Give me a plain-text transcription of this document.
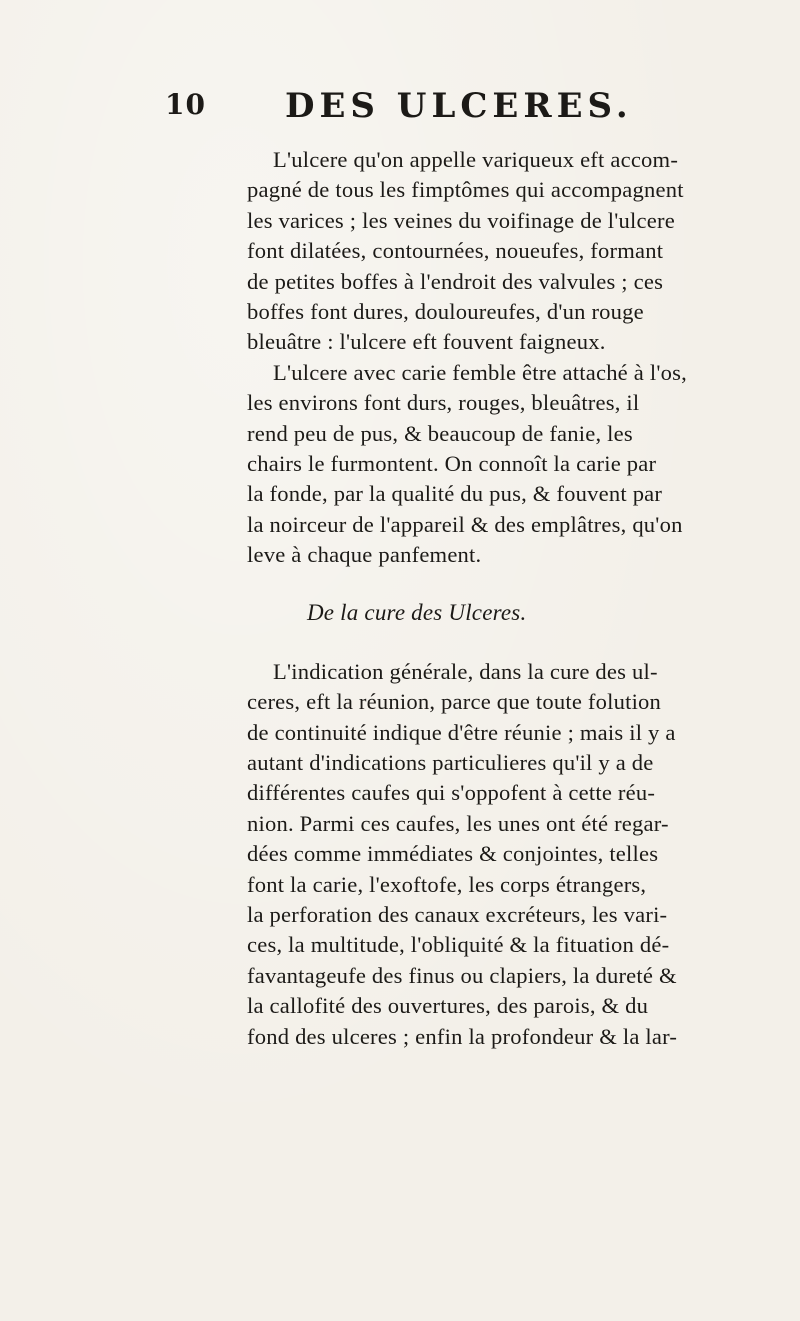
10 DES ULCERES.
L'ulcere qu'on appelle variqueux eft accom-
pagné de tous les fimptômes qui accompagnent
les varices ; les veines du voifinage de l'ulcere
font dilatées, contournées, noueufes, formant
de petites boffes à l'endroit des valvules ; ces
boffes font dures, douloureufes, d'un rouge
bleuâtre : l'ulcere eft fouvent faigneux.
L'ulcere avec carie femble être attaché à l'os,
les environs font durs, rouges, bleuâtres, il
rend peu de pus, & beaucoup de fanie, les
chairs le furmontent. On connoît la carie par
la fonde, par la qualité du pus, & fouvent par
la noirceur de l'appareil & des emplâtres, qu'on
leve à chaque panfement.
De la cure des Ulceres.
L'indication générale, dans la cure des ul-
ceres, eft la réunion, parce que toute folution
de continuité indique d'être réunie ; mais il y a
autant d'indications particulieres qu'il y a de
différentes caufes qui s'oppofent à cette réu-
nion. Parmi ces caufes, les unes ont été regar-
dées comme immédiates & conjointes, telles
font la carie, l'exoftofe, les corps étrangers,
la perforation des canaux excréteurs, les vari-
ces, la multitude, l'obliquité & la fituation dé-
favantageufe des finus ou clapiers, la dureté &
la callofité des ouvertures, des parois, & du
fond des ulceres ; enfin la profondeur & la lar-
